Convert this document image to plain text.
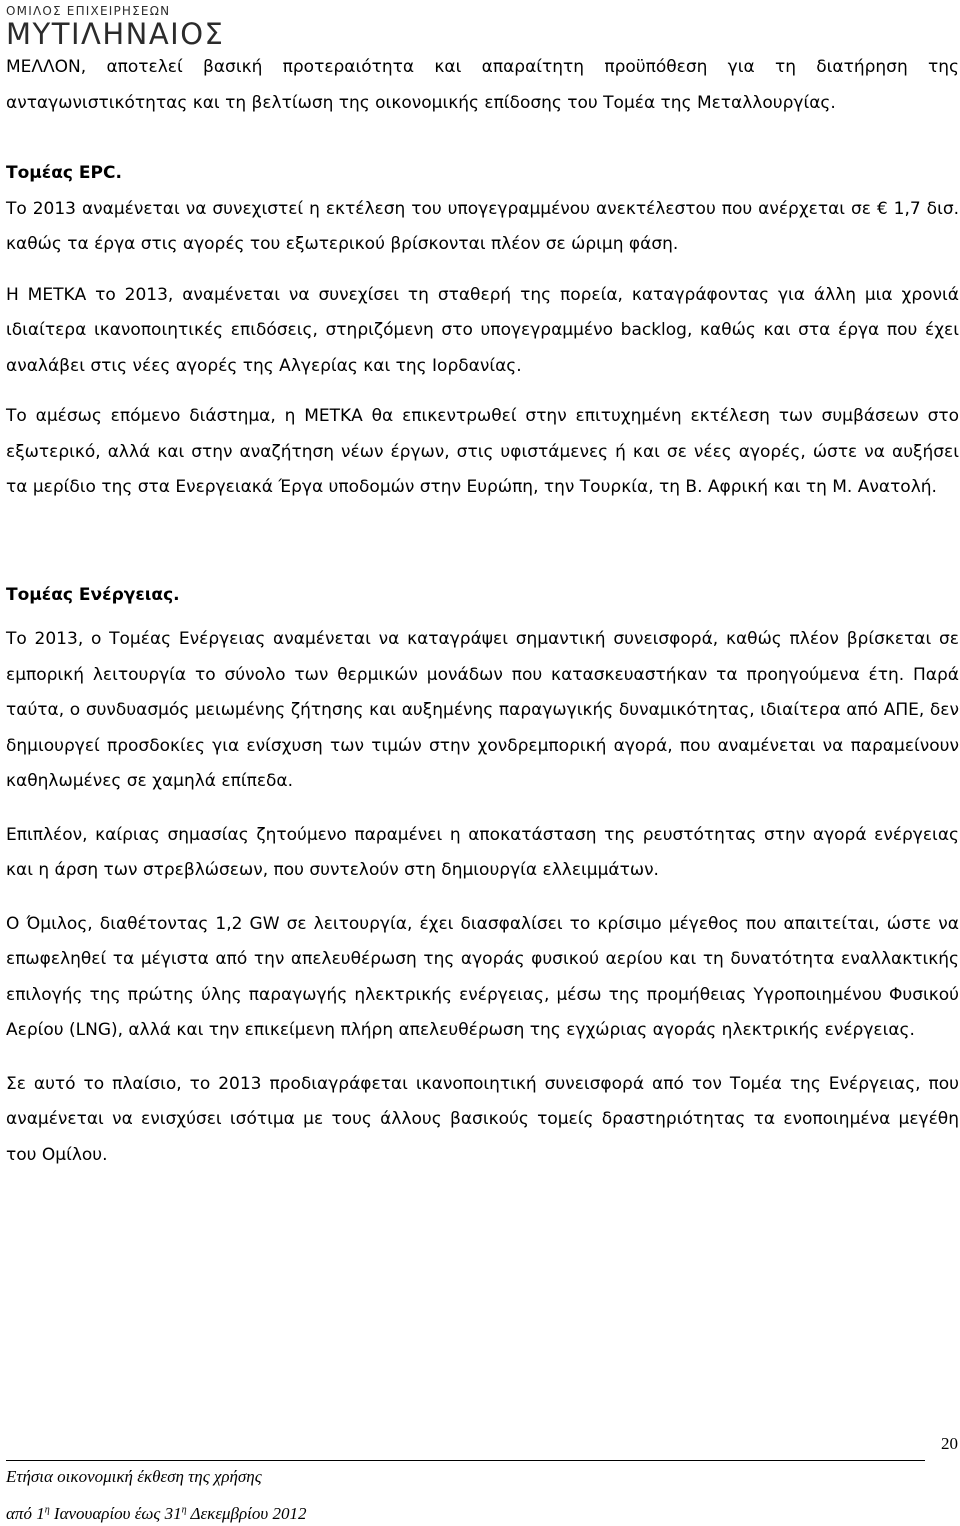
ΟΜΙΛΟΣ ΕΠΙΧΕΙΡΗΣΕΩΝ
ΜΥΤΙΛΗΝΑΙΟΣ

ΜΕΛΛΟΝ, αποτελεί βασική προτεραιότητα και απαραίτητη προϋπόθεση για τη διατήρηση της ανταγωνιστικότητας και τη βελτίωση της οικονομικής επίδοσης του Τομέα της Μεταλλουργίας.

Τομέας EPC.

Το 2013 αναμένεται να συνεχιστεί η εκτέλεση του υπογεγραμμένου ανεκτέλεστου που ανέρχεται σε € 1,7 δισ. καθώς τα έργα στις αγορές του εξωτερικού βρίσκονται πλέον σε ώριμη φάση.

Η ΜΕΤΚΑ το 2013, αναμένεται να συνεχίσει τη σταθερή της πορεία, καταγράφοντας για άλλη μια χρονιά ιδιαίτερα ικανοποιητικές επιδόσεις, στηριζόμενη στο υπογεγραμμένο backlog, καθώς και στα έργα που έχει αναλάβει στις νέες αγορές της Αλγερίας και της Ιορδανίας.

Το αμέσως επόμενο διάστημα, η ΜΕΤΚΑ θα επικεντρωθεί στην επιτυχημένη εκτέλεση των συμβάσεων στο εξωτερικό, αλλά και στην αναζήτηση νέων έργων, στις υφιστάμενες ή και σε νέες αγορές, ώστε να αυξήσει τα μερίδιο της στα Ενεργειακά Έργα υποδομών στην Ευρώπη, την Τουρκία, τη Β. Αφρική και τη Μ. Ανατολή.

Τομέας Ενέργειας.

Το 2013, ο Τομέας Ενέργειας αναμένεται να καταγράψει σημαντική συνεισφορά, καθώς πλέον βρίσκεται σε εμπορική λειτουργία το σύνολο των θερμικών μονάδων που κατασκευαστήκαν τα προηγούμενα έτη. Παρά ταύτα, ο συνδυασμός μειωμένης ζήτησης και αυξημένης παραγωγικής δυναμικότητας, ιδιαίτερα από ΑΠΕ, δεν δημιουργεί προσδοκίες για ενίσχυση των τιμών στην χονδρεμπορική αγορά, που αναμένεται να παραμείνουν καθηλωμένες σε χαμηλά επίπεδα.

Επιπλέον, καίριας σημασίας ζητούμενο παραμένει η αποκατάσταση της ρευστότητας στην αγορά ενέργειας και η άρση των στρεβλώσεων, που συντελούν στη δημιουργία ελλειμμάτων.

Ο Όμιλος, διαθέτοντας 1,2 GW σε λειτουργία, έχει διασφαλίσει το κρίσιμο μέγεθος που απαιτείται, ώστε να επωφεληθεί τα μέγιστα από την απελευθέρωση της αγοράς φυσικού αερίου και τη δυνατότητα εναλλακτικής επιλογής της πρώτης ύλης παραγωγής ηλεκτρικής ενέργειας, μέσω της προμήθειας Υγροποιημένου Φυσικού Αερίου (LNG), αλλά και την επικείμενη πλήρη απελευθέρωση της εγχώριας αγοράς ηλεκτρικής ενέργειας.

Σε αυτό το πλαίσιο, το 2013 προδιαγράφεται ικανοποιητική συνεισφορά από τον Τομέα της Ενέργειας, που αναμένεται να ενισχύσει ισότιμα με τους άλλους βασικούς τομείς δραστηριότητας τα ενοποιημένα μεγέθη του Ομίλου.

20
Ετήσια οικονομική έκθεση της χρήσης
από $1^\eta$ Ιανουαρίου έως $31^\eta$ Δεκεμβρίου 2012
